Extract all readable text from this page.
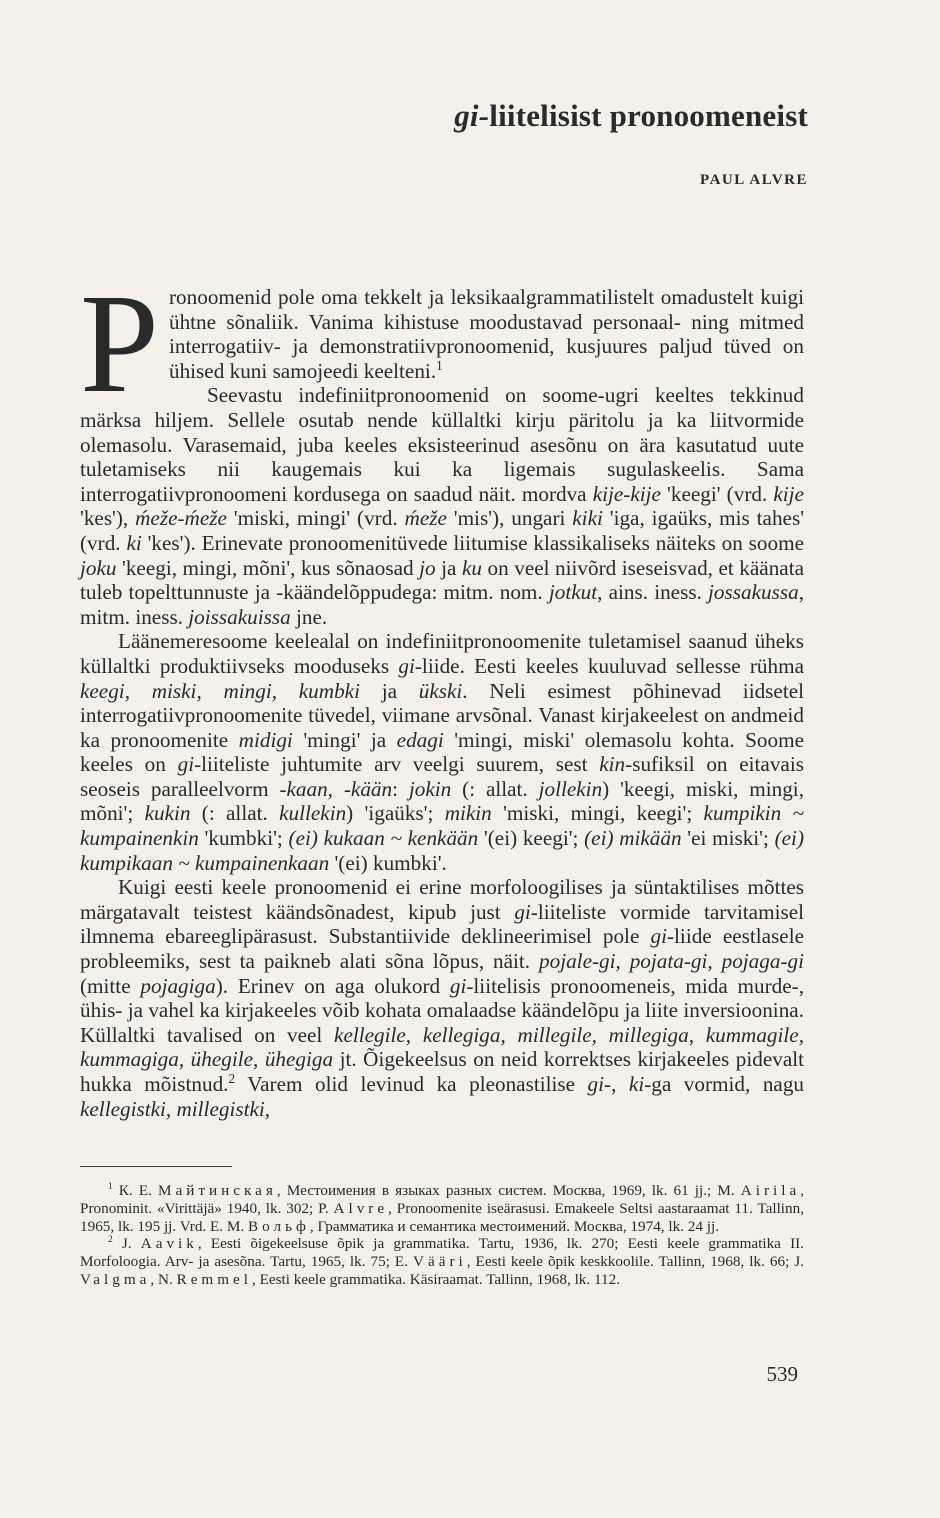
gi-liitelisist pronoomeneist

PAUL ALVRE

Pronoomenid pole oma tekkelt ja leksikaalgrammatilistelt omadustelt kuigi ühtne sõnaliik. Vanima kihistuse moodustavad personaal- ning mitmed interrogatiiv- ja demonstratiivpronoomenid, kusjuures paljud tüved on ühised kuni samojeedi keelteni.$^1$

Seevastu indefiniitpronoomenid on soome-ugri keeltes tekkinud märksa hiljem. Sellele osutab nende küllaltki kirju päritolu ja ka liitvormide olemasolu. Varasemaid, juba keeles eksisteerinud asesõnu on ära kasutatud uute tuletamiseks nii kaugemais kui ka ligemais sugulaskeelis. Sama interrogatiivpronoomeni kordusega on saadud näit. mordva kije-kije 'keegi' (vrd. kije 'kes'), ḿeže-ḿeže 'miski, mingi' (vrd. ḿeže 'mis'), ungari kiki 'iga, igaüks, mis tahes' (vrd. ki 'kes'). Erinevate pronoomenitüvede liitumise klassikaliseks näiteks on soome joku 'keegi, mingi, mõni', kus sõnaosad jo ja ku on veel niivõrd iseseisvad, et käänata tuleb topelttunnuste ja -käändelõppudega: mitm. nom. jotkut, ains. iness. jossakussa, mitm. iness. joissakuissa jne.

Läänemeresoome keelealal on indefiniitpronoomenite tuletamisel saanud üheks küllaltki produktiivseks mooduseks gi-liide. Eesti keeles kuuluvad sellesse rühma keegi, miski, mingi, kumbki ja ükski. Neli esimest põhinevad iidsetel interrogatiivpronoomenite tüvedel, viimane arvsõnal. Vanast kirjakeelest on andmeid ka pronoomenite midigi 'mingi' ja edagi 'mingi, miski' olemasolu kohta. Soome keeles on gi-liiteliste juhtumite arv veelgi suurem, sest kin-sufiksil on eitavais seoseis paralleelvorm -kaan, -kään: jokin (: allat. jollekin) 'keegi, miski, mingi, mõni'; kukin (: allat. kullekin) 'igaüks'; mikin 'miski, mingi, keegi'; kumpikin ~ kumpainenkin 'kumbki'; (ei) kukaan ~ kenkään '(ei) keegi'; (ei) mikään 'ei miski'; (ei) kumpikaan ~ kumpainenkaan '(ei) kumbki'.

Kuigi eesti keele pronoomenid ei erine morfoloogilises ja süntaktilises mõttes märgatavalt teistest käändsõnadest, kipub just gi-liiteliste vormide tarvitamisel ilmnema ebareeglipärasust. Substantiivide deklineerimisel pole gi-liide eestlasele probleemiks, sest ta paikneb alati sõna lõpus, näit. pojale-gi, pojata-gi, pojaga-gi (mitte pojagiga). Erinev on aga olukord gi-liitelisis pronoomeneis, mida murde-, ühis- ja vahel ka kirjakeeles võib kohata omalaadse käändelõpu ja liite inversioonina. Küllaltki tavalised on veel kellegile, kellegiga, millegile, millegiga, kummagile, kummagiga, ühegile, ühegiga jt. Õigekeelsus on neid korrektses kirjakeeles pidevalt hukka mõistnud.$^2$ Varem olid levinud ka pleonastilise gi-, ki-ga vormid, nagu kellegistki, millegistki,

$^1$ К. Е. Майтинская, Местоимения в языках разных систем. Москва, 1969, lk. 61 jj.; M. Airila, Pronominit. «Virittäjä» 1940, lk. 302; P. Alvre, Pronoomenite iseärasusi. Emakeele Seltsi aastaraamat 11. Tallinn, 1965, lk. 195 jj. Vrd. Е. М. Вольф, Грамматика и семантика местоимений. Москва, 1974, lk. 24 jj.

$^2$ J. Aavik, Eesti õigekeelsuse õpik ja grammatika. Tartu, 1936, lk. 270; Eesti keele grammatika II. Morfoloogia. Arv- ja asesõna. Tartu, 1965, lk. 75; E. Vääri, Eesti keele õpik keskkoolile. Tallinn, 1968, lk. 66; J. Valgma, N. Remmel, Eesti keele grammatika. Käsiraamat. Tallinn, 1968, lk. 112.

539
